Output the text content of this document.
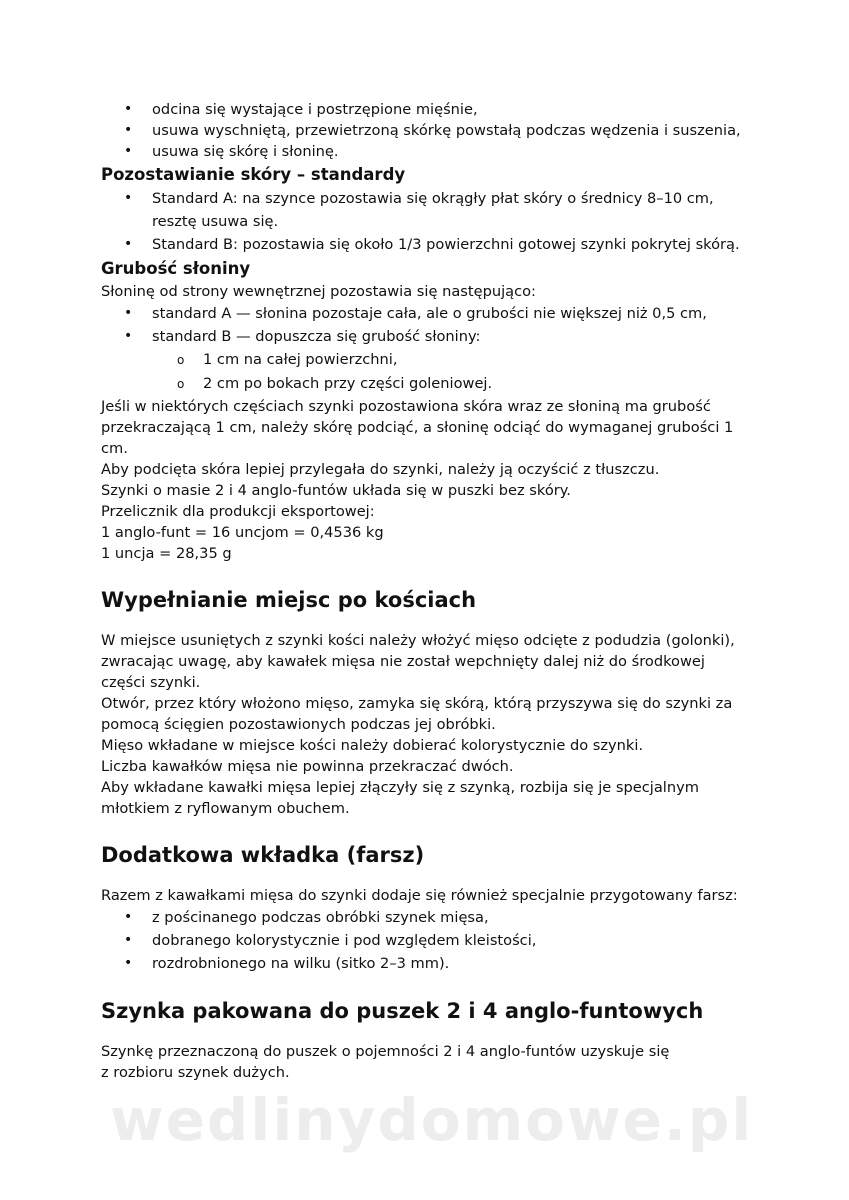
• odcina się wystające i postrzępione mięśnie,
• usuwa wyschniętą, przewietrzoną skórkę powstałą podczas wędzenia i suszenia,
• usuwa się skórę i słoninę.
Pozostawianie skóry – standardy
• Standard A: na szynce pozostawia się okrągły płat skóry o średnicy 8–10 cm, resztę usuwa się.
• Standard B: pozostawia się około 1/3 powierzchni gotowej szynki pokrytej skórą.
Grubość słoniny
Słoninę od strony wewnętrznej pozostawia się następująco:
• standard A — słonina pozostaje cała, ale o grubości nie większej niż 0,5 cm,
• standard B — dopuszcza się grubość słoniny:
o 1 cm na całej powierzchni,
o 2 cm po bokach przy części goleniowej.
Jeśli w niektórych częściach szynki pozostawiona skóra wraz ze słoniną ma grubość przekraczającą 1 cm, należy skórę podciąć, a słoninę odciąć do wymaganej grubości 1 cm.
Aby podcięta skóra lepiej przylegała do szynki, należy ją oczyścić z tłuszczu.
Szynki o masie 2 i 4 anglo-funtów układa się w puszki bez skóry.
Przelicznik dla produkcji eksportowej:
1 anglo-funt = 16 uncjom = 0,4536 kg
1 uncja = 28,35 g
Wypełnianie miejsc po kościach
W miejsce usuniętych z szynki kości należy włożyć mięso odcięte z podudzia (golonki), zwracając uwagę, aby kawałek mięsa nie został wepchnięty dalej niż do środkowej części szynki.
Otwór, przez który włożono mięso, zamyka się skórą, którą przyszywa się do szynki za pomocą ścięgien pozostawionych podczas jej obróbki.
Mięso wkładane w miejsce kości należy dobierać kolorystycznie do szynki.
Liczba kawałków mięsa nie powinna przekraczać dwóch.
Aby wkładane kawałki mięsa lepiej złączyły się z szynką, rozbija się je specjalnym młotkiem z ryflowanym obuchem.
Dodatkowa wkładka (farsz)
Razem z kawałkami mięsa do szynki dodaje się również specjalnie przygotowany farsz:
• z pościnanego podczas obróbki szynek mięsa,
• dobranego kolorystycznie i pod względem kleistości,
• rozdrobnionego na wilku (sitko 2–3 mm).
Szynka pakowana do puszek 2 i 4 anglo-funtowych
Szynkę przeznaczoną do puszek o pojemności 2 i 4 anglo-funtów uzyskuje się
z rozbioru szynek dużych.
wedlinydomowe.pl
